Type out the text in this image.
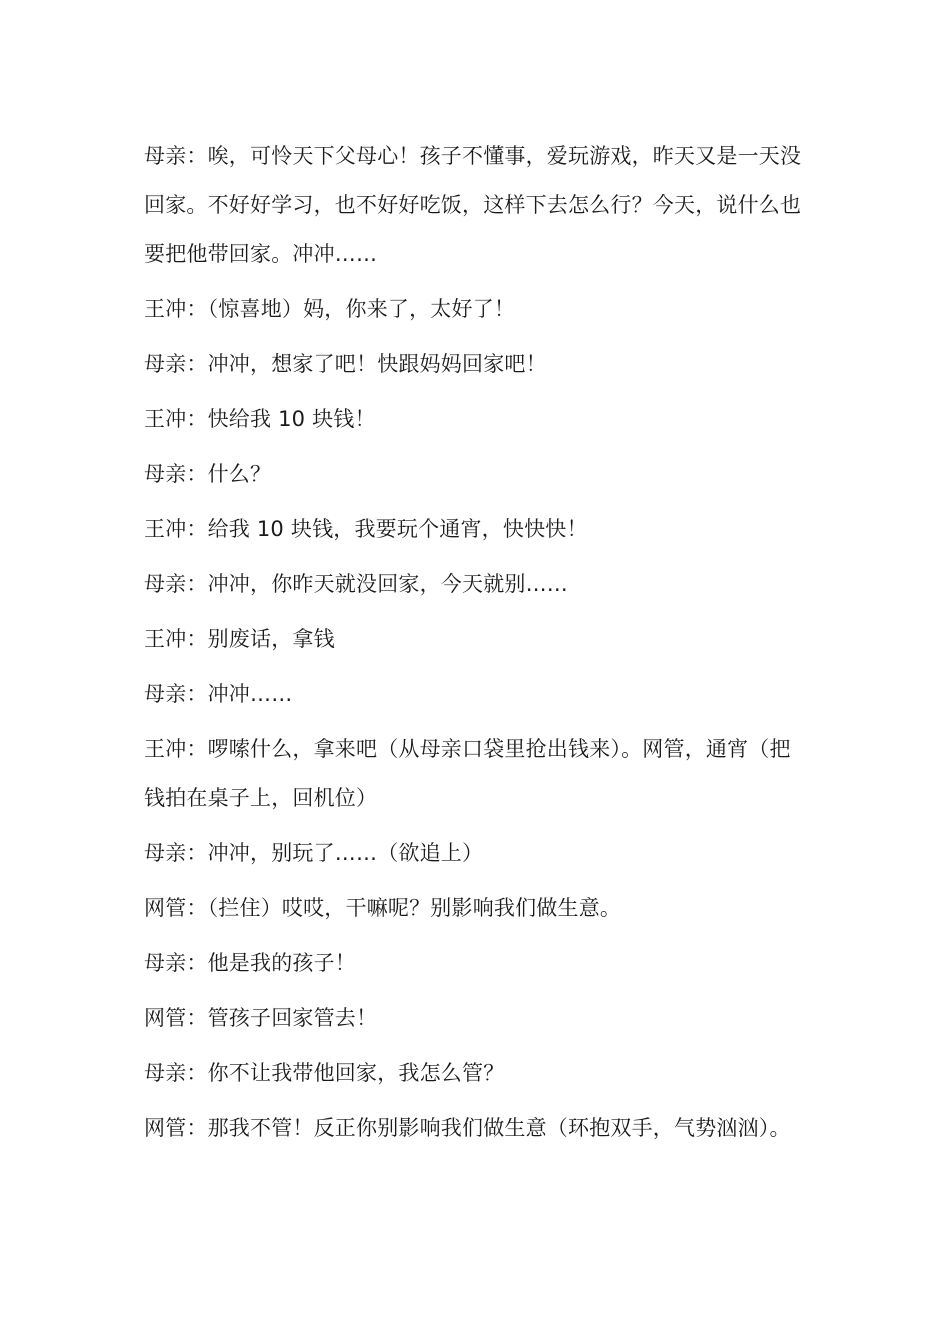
母亲：唉，可怜天下父母心！孩子不懂事，爱玩游戏，昨天又是一天没回家。不好好学习，也不好好吃饭，这样下去怎么行？今天，说什么也要把他带回家。冲冲……

王冲：（惊喜地）妈，你来了，太好了！

母亲：冲冲，想家了吧！快跟妈妈回家吧！

王冲：快给我 10 块钱！

母亲：什么？

王冲：给我 10 块钱，我要玩个通宵，快快快！

母亲：冲冲，你昨天就没回家，今天就别……

王冲：别废话，拿钱

母亲：冲冲……

王冲：啰嗦什么，拿来吧（从母亲口袋里抢出钱来）。网管，通宵（把钱拍在桌子上，回机位）

母亲：冲冲，别玩了……（欲追上）

网管：（拦住）哎哎，干嘛呢？别影响我们做生意。

母亲：他是我的孩子！

网管：管孩子回家管去！

母亲：你不让我带他回家，我怎么管？

网管：那我不管！反正你别影响我们做生意（环抱双手，气势汹汹）。
